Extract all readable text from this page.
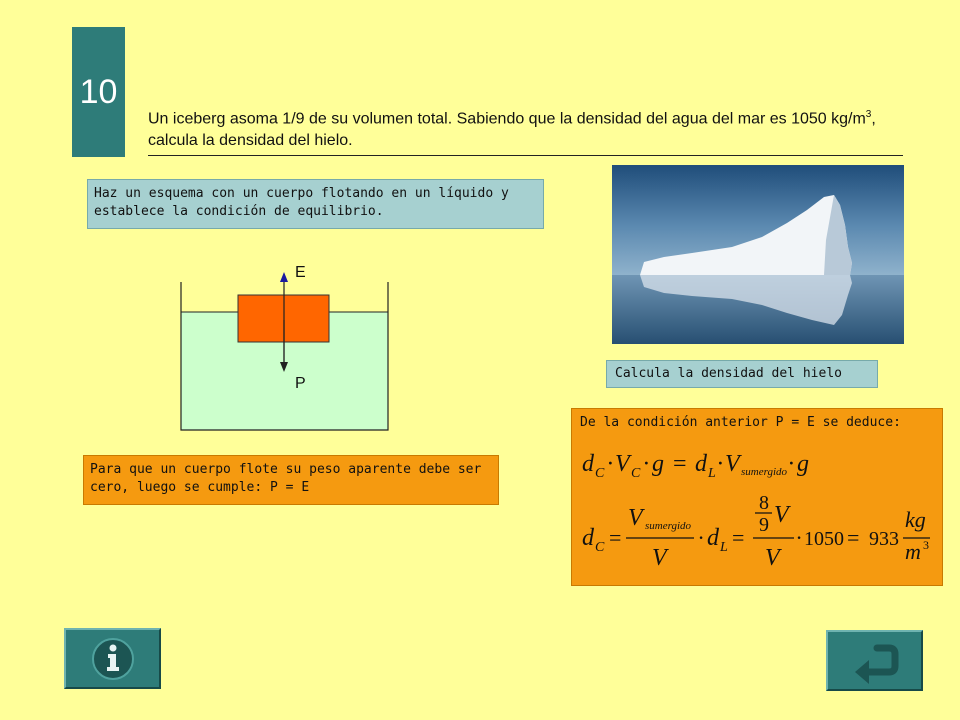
10
Un iceberg asoma 1/9 de su volumen total. Sabiendo que la densidad del agua del mar es 1050 $kg/m^3$, calcula la densidad del hielo.
Haz un esquema con un cuerpo flotando en un líquido y establece la condición de equilibrio.
E
P
Calcula la densidad del hielo
Para que un cuerpo flote su peso aparente debe ser cero, luego se cumple: P = E
De la condición anterior P = E se deduce:
d C · V C · g = d L · V sumergido · g
d C =
V sumergido
V
· d L =
8
9 V
V
· 1050 = 933
kg
m 3
